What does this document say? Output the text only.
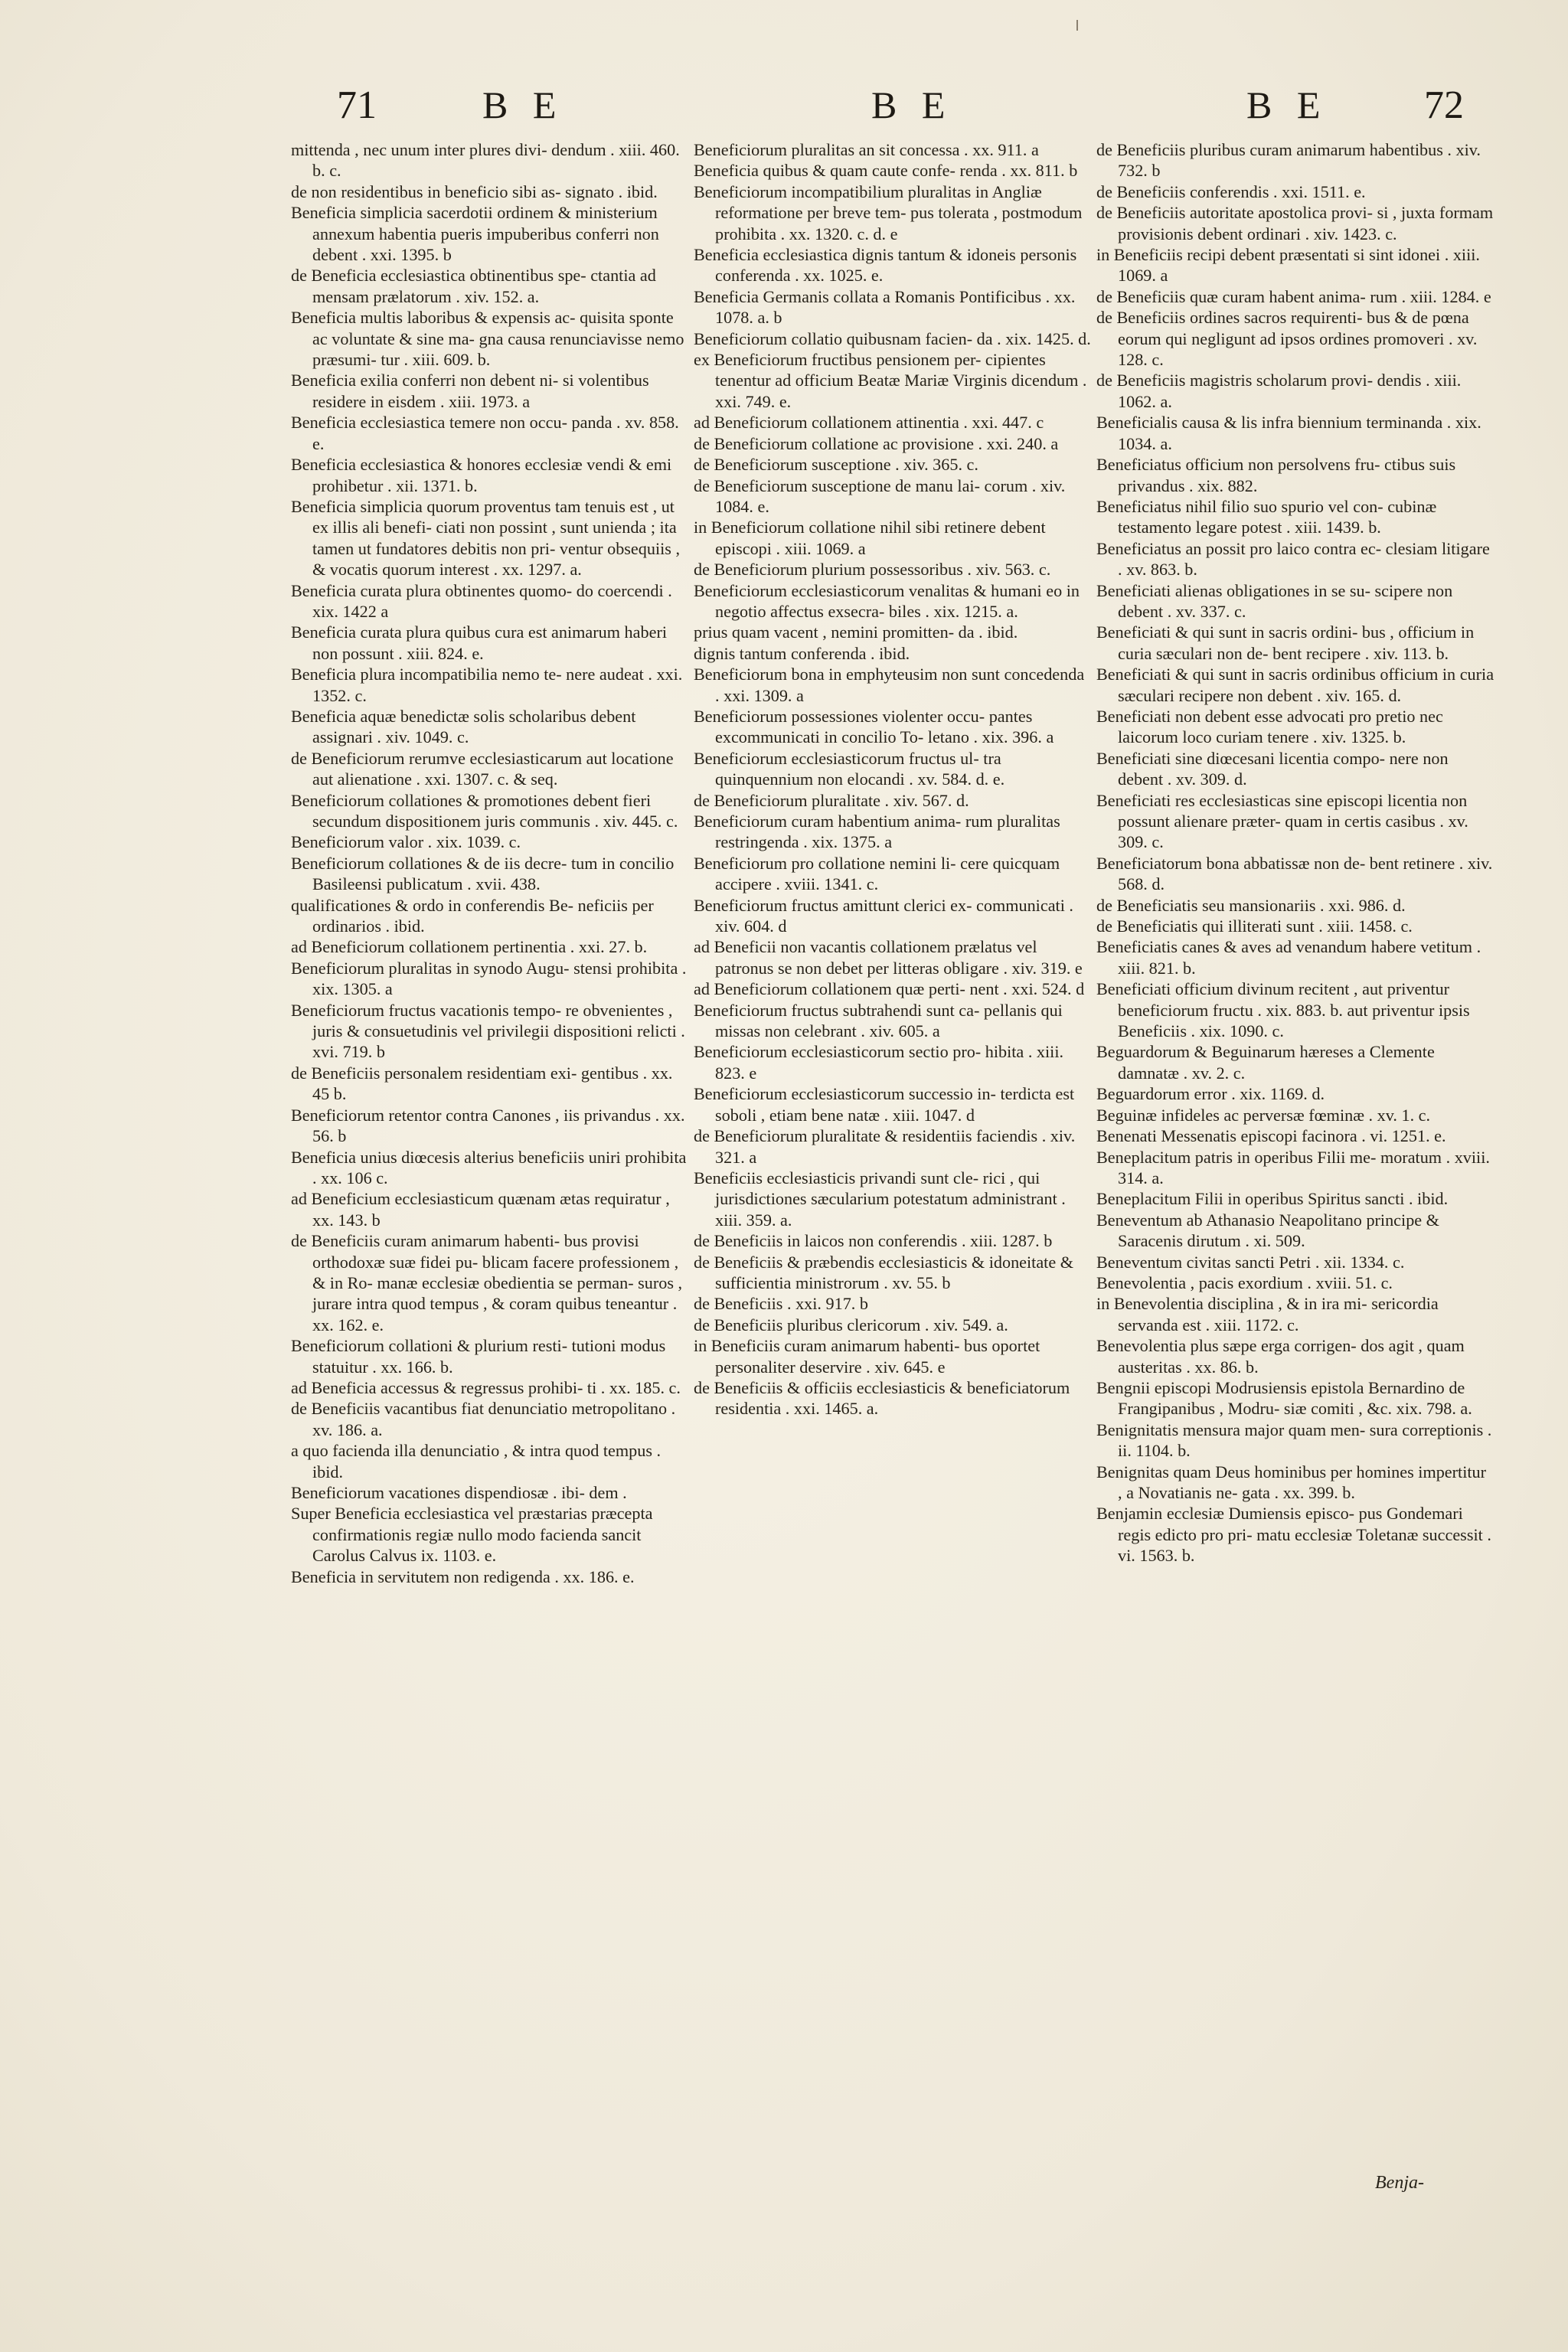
71	B E	B E	B E 72

mittenda , nec unum inter plures divi- dendum . xiii. 460. b. c.

de non residentibus in beneficio sibi as- signato . ibid.

Beneficia simplicia sacerdotii ordinem & ministerium annexum habentia pueris impuberibus conferri non debent . xxi. 1395. b

de Beneficia ecclesiastica obtinentibus spe- ctantia ad mensam prælatorum . xiv. 152. a.

Beneficia multis laboribus & expensis ac- quisita sponte ac voluntate & sine ma- gna causa renunciavisse nemo præsumi- tur . xiii. 609. b.

Beneficia exilia conferri non debent ni- si volentibus residere in eisdem . xiii. 1973. a

Beneficia ecclesiastica temere non occu- panda . xv. 858. e.

Beneficia ecclesiastica & honores ecclesiæ vendi & emi prohibetur . xii. 1371. b.

Beneficia simplicia quorum proventus tam tenuis est , ut ex illis ali benefi- ciati non possint , sunt unienda ; ita tamen ut fundatores debitis non pri- ventur obsequiis , & vocatis quorum interest . xx. 1297. a.

Beneficia curata plura obtinentes quomo- do coercendi . xix. 1422 a

Beneficia curata plura quibus cura est animarum haberi non possunt . xiii. 824. e.

Beneficia plura incompatibilia nemo te- nere audeat . xxi. 1352. c.

Beneficia aquæ benedictæ solis scholaribus debent assignari . xiv. 1049. c.

de Beneficiorum rerumve ecclesiasticarum aut locatione aut alienatione . xxi. 1307. c. & seq.

Beneficiorum collationes & promotiones debent fieri secundum dispositionem juris communis . xiv. 445. c.

Beneficiorum valor . xix. 1039. c.

Beneficiorum collationes & de iis decre- tum in concilio Basileensi publicatum . xvii. 438.

qualificationes & ordo in conferendis Be- neficiis per ordinarios . ibid.

ad Beneficiorum collationem pertinentia . xxi. 27. b.

Beneficiorum pluralitas in synodo Augu- stensi prohibita . xix. 1305. a

Beneficiorum fructus vacationis tempo- re obvenientes , juris & consuetudinis vel privilegii dispositioni relicti . xvi. 719. b

de Beneficiis personalem residentiam exi- gentibus . xx. 45 b.

Beneficiorum retentor contra Canones , iis privandus . xx. 56. b

Beneficia unius diœcesis alterius beneficiis uniri prohibita . xx. 106 c.

ad Beneficium ecclesiasticum quænam ætas requiratur , xx. 143. b

de Beneficiis curam animarum habenti- bus provisi orthodoxæ suæ fidei pu- blicam facere professionem , & in Ro- manæ ecclesiæ obedientia se perman- suros , jurare intra quod tempus , & coram quibus teneantur . xx. 162. e.

Beneficiorum collationi & plurium resti- tutioni modus statuitur . xx. 166. b.

ad Beneficia accessus & regressus prohibi- ti . xx. 185. c.

de Beneficiis vacantibus fiat denunciatio metropolitano . xv. 186. a.

a quo facienda illa denunciatio , & intra quod tempus . ibid.

Beneficiorum vacationes dispendiosæ . ibi- dem .

Super Beneficia ecclesiastica vel præstarias præcepta confirmationis regiæ nullo modo facienda sancit Carolus Calvus ix. 1103. e.

Beneficia in servitutem non redigenda . xx. 186. e.

Beneficiorum pluralitas an sit concessa . xx. 911. a

Beneficia quibus & quam caute confe- renda . xx. 811. b

Beneficiorum incompatibilium pluralitas in Angliæ reformatione per breve tem- pus tolerata , postmodum prohibita . xx. 1320. c. d. e

Beneficia ecclesiastica dignis tantum & idoneis personis conferenda . xx. 1025. e.

Beneficia Germanis collata a Romanis Pontificibus . xx. 1078. a. b

Beneficiorum collatio quibusnam facien- da . xix. 1425. d.

ex Beneficiorum fructibus pensionem per- cipientes tenentur ad officium Beatæ Mariæ Virginis dicendum . xxi. 749. e.

ad Beneficiorum collationem attinentia . xxi. 447. c

de Beneficiorum collatione ac provisione . xxi. 240. a

de Beneficiorum susceptione . xiv. 365. c.

de Beneficiorum susceptione de manu lai- corum . xiv. 1084. e.

in Beneficiorum collatione nihil sibi retinere debent episcopi . xiii. 1069. a

de Beneficiorum plurium possessoribus . xiv. 563. c.

Beneficiorum ecclesiasticorum venalitas & humani eo in negotio affectus exsecra- biles . xix. 1215. a.

prius quam vacent , nemini promitten- da . ibid.

dignis tantum conferenda . ibid.

Beneficiorum bona in emphyteusim non sunt concedenda . xxi. 1309. a

Beneficiorum possessiones violenter occu- pantes excommunicati in concilio To- letano . xix. 396. a

Beneficiorum ecclesiasticorum fructus ul- tra quinquennium non elocandi . xv. 584. d. e.

de Beneficiorum pluralitate . xiv. 567. d.

Beneficiorum curam habentium anima- rum pluralitas restringenda . xix. 1375. a

Beneficiorum pro collatione nemini li- cere quicquam accipere . xviii. 1341. c.

Beneficiorum fructus amittunt clerici ex- communicati . xiv. 604. d

ad Beneficii non vacantis collationem prælatus vel patronus se non debet per litteras obligare . xiv. 319. e

ad Beneficiorum collationem quæ perti- nent . xxi. 524. d

Beneficiorum fructus subtrahendi sunt ca- pellanis qui missas non celebrant . xiv. 605. a

Beneficiorum ecclesiasticorum sectio pro- hibita . xiii. 823. e

Beneficiorum ecclesiasticorum successio in- terdicta est soboli , etiam bene natæ . xiii. 1047. d

de Beneficiorum pluralitate & residentiis faciendis . xiv. 321. a

Beneficiis ecclesiasticis privandi sunt cle- rici , qui jurisdictiones sæcularium potestatum administrant . xiii. 359. a.

de Beneficiis in laicos non conferendis . xiii. 1287. b

de Beneficiis & præbendis ecclesiasticis & idoneitate & sufficientia ministrorum . xv. 55. b

de Beneficiis . xxi. 917. b

de Beneficiis pluribus clericorum . xiv. 549. a.

in Beneficiis curam animarum habenti- bus oportet personaliter deservire . xiv. 645. e

de Beneficiis & officiis ecclesiasticis & beneficiatorum residentia . xxi. 1465. a.

de Beneficiis pluribus curam animarum habentibus . xiv. 732. b

de Beneficiis conferendis . xxi. 1511. e.

de Beneficiis autoritate apostolica provi- si , juxta formam provisionis debent ordinari . xiv. 1423. c.

in Beneficiis recipi debent præsentati si sint idonei . xiii. 1069. a

de Beneficiis quæ curam habent anima- rum . xiii. 1284. e

de Beneficiis ordines sacros requirenti- bus & de pœna eorum qui negligunt ad ipsos ordines promoveri . xv. 128. c.

de Beneficiis magistris scholarum provi- dendis . xiii. 1062. a.

Beneficialis causa & lis infra biennium terminanda . xix. 1034. a.

Beneficiatus officium non persolvens fru- ctibus suis privandus . xix. 882.

Beneficiatus nihil filio suo spurio vel con- cubinæ testamento legare potest . xiii. 1439. b.

Beneficiatus an possit pro laico contra ec- clesiam litigare . xv. 863. b.

Beneficiati alienas obligationes in se su- scipere non debent . xv. 337. c.

Beneficiati & qui sunt in sacris ordini- bus , officium in curia sæculari non de- bent recipere . xiv. 113. b.

Beneficiati & qui sunt in sacris ordinibus officium in curia sæculari recipere non debent . xiv. 165. d.

Beneficiati non debent esse advocati pro pretio nec laicorum loco curiam tenere . xiv. 1325. b.

Beneficiati sine diœcesani licentia compo- nere non debent . xv. 309. d.

Beneficiati res ecclesiasticas sine episcopi licentia non possunt alienare præter- quam in certis casibus . xv. 309. c.

Beneficiatorum bona abbatissæ non de- bent retinere . xiv. 568. d.

de Beneficiatis seu mansionariis . xxi. 986. d.

de Beneficiatis qui illiterati sunt . xiii. 1458. c.

Beneficiatis canes & aves ad venandum habere vetitum . xiii. 821. b.

Beneficiati officium divinum recitent , aut priventur beneficiorum fructu . xix. 883. b. aut priventur ipsis Beneficiis . xix. 1090. c.

Beguardorum & Beguinarum hæreses a Clemente damnatæ . xv. 2. c.

Beguardorum error . xix. 1169. d.

Beguinæ infideles ac perversæ fœminæ . xv. 1. c.

Benenati Messenatis episcopi facinora . vi. 1251. e.

Beneplacitum patris in operibus Filii me- moratum . xviii. 314. a.

Beneplacitum Filii in operibus Spiritus sancti . ibid.

Beneventum ab Athanasio Neapolitano principe & Saracenis dirutum . xi. 509.

Beneventum civitas sancti Petri . xii. 1334. c.

Benevolentia , pacis exordium . xviii. 51. c.

in Benevolentia disciplina , & in ira mi- sericordia servanda est . xiii. 1172. c.

Benevolentia plus sæpe erga corrigen- dos agit , quam austeritas . xx. 86. b.

Bengnii episcopi Modrusiensis epistola Bernardino de Frangipanibus , Modru- siæ comiti , &c. xix. 798. a.

Benignitatis mensura major quam men- sura correptionis . ii. 1104. b.

Benignitas quam Deus hominibus per homines impertitur , a Novatianis ne- gata . xx. 399. b.

Benjamin ecclesiæ Dumiensis episco- pus Gondemari regis edicto pro pri- matu ecclesiæ Toletanæ successit . vi. 1563. b.

Benja-
